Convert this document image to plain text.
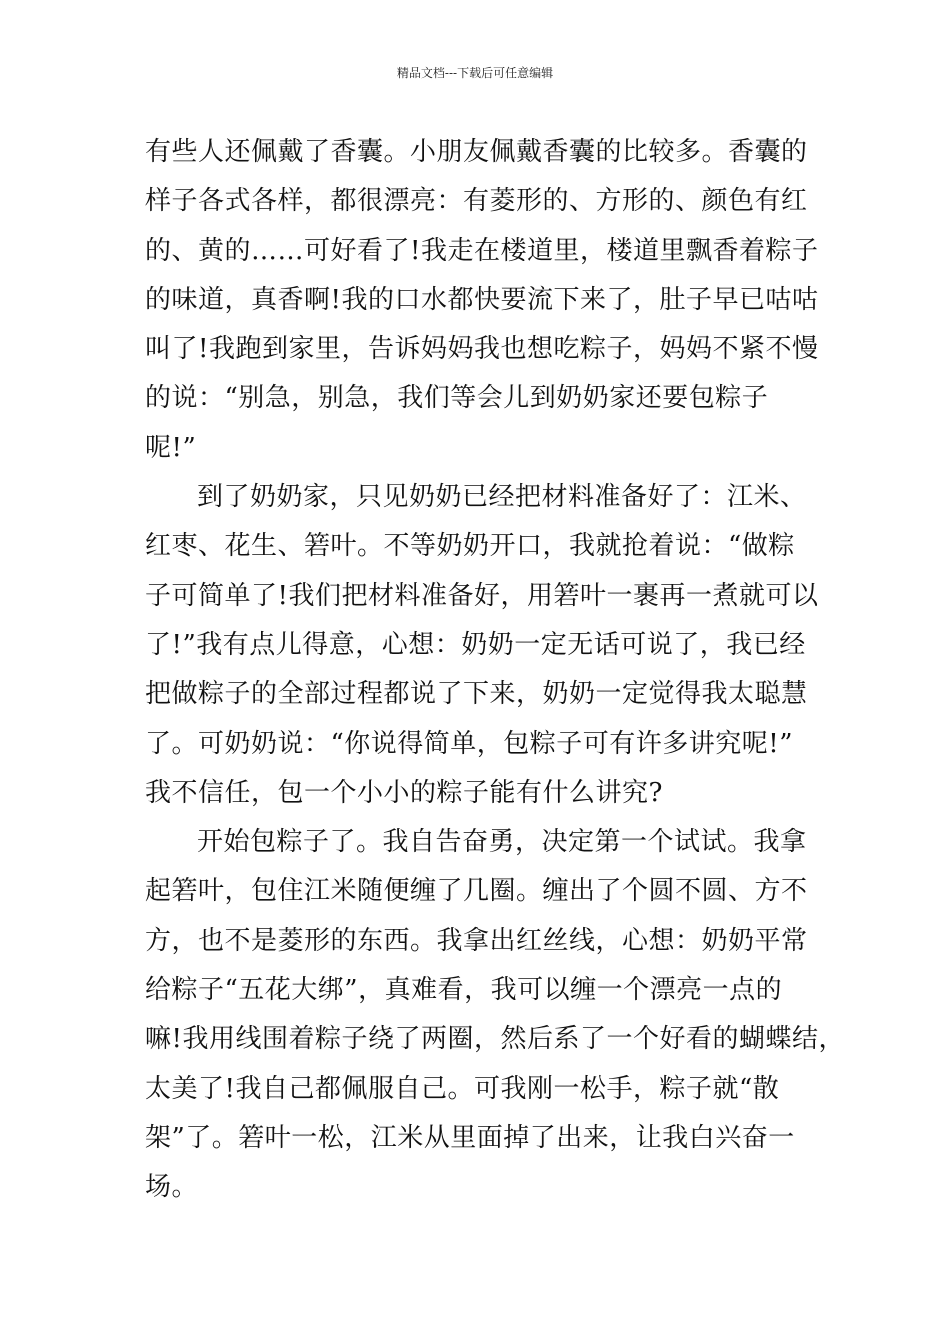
精品文档---下载后可任意编辑
有些人还佩戴了香囊。小朋友佩戴香囊的比较多。香囊的
样子各式各样，都很漂亮：有菱形的、方形的、颜色有红
的、黄的……可好看了!我走在楼道里，楼道里飘香着粽子
的味道，真香啊!我的口水都快要流下来了，肚子早已咕咕
叫了!我跑到家里，告诉妈妈我也想吃粽子，妈妈不紧不慢
的说：“别急，别急，我们等会儿到奶奶家还要包粽子
呢!”
到了奶奶家，只见奶奶已经把材料准备好了：江米、
红枣、花生、箬叶。不等奶奶开口，我就抢着说：“做粽
子可简单了!我们把材料准备好，用箬叶一裹再一煮就可以
了!”我有点儿得意，心想：奶奶一定无话可说了，我已经
把做粽子的全部过程都说了下来，奶奶一定觉得我太聪慧
了。可奶奶说：“你说得简单，包粽子可有许多讲究呢!”
我不信任，包一个小小的粽子能有什么讲究?
开始包粽子了。我自告奋勇，决定第一个试试。我拿
起箬叶，包住江米随便缠了几圈。缠出了个圆不圆、方不
方，也不是菱形的东西。我拿出红丝线，心想：奶奶平常
给粽子“五花大绑”，真难看，我可以缠一个漂亮一点的
嘛!我用线围着粽子绕了两圈，然后系了一个好看的蝴蝶结，
太美了!我自己都佩服自己。可我刚一松手，粽子就“散
架”了。箬叶一松，江米从里面掉了出来，让我白兴奋一
场。
